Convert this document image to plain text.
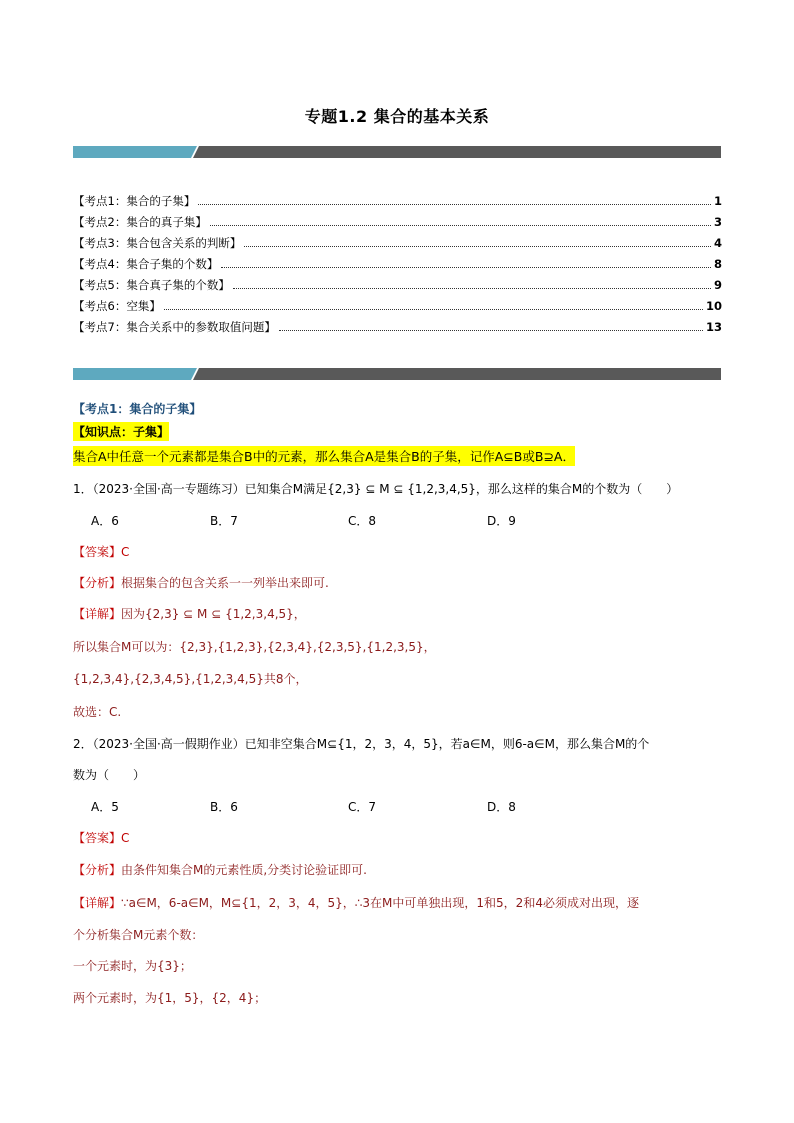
专题1.2 集合的基本关系
【考点1：集合的子集】	1
【考点2：集合的真子集】	3
【考点3：集合包含关系的判断】	4
【考点4：集合子集的个数】	8
【考点5：集合真子集的个数】	9
【考点6：空集】	10
【考点7：集合关系中的参数取值问题】	13
【考点1：集合的子集】
【知识点：子集】
集合A中任意一个元素都是集合B中的元素，那么集合A是集合B的子集，记作A⊆B或B⊇A．
1．（2023·全国·高一专题练习）已知集合M满足{2,3} ⊆ M ⊆ {1,2,3,4,5}，那么这样的集合M的个数为（　　）
A．6	B．7	C．8	D．9
【答案】C
【分析】根据集合的包含关系一一列举出来即可.
【详解】因为{2,3} ⊆ M ⊆ {1,2,3,4,5}，
所以集合M可以为：{2,3},{1,2,3},{2,3,4},{2,3,5},{1,2,3,5}，
{1,2,3,4},{2,3,4,5},{1,2,3,4,5}共8个，
故选：C.
2．（2023·全国·高一假期作业）已知非空集合M⊆{1，2，3，4，5}，若a∈M，则6-a∈M，那么集合M的个
数为（　　）
A．5	B．6	C．7	D．8
【答案】C
【分析】由条件知集合M的元素性质,分类讨论验证即可.
【详解】∵a∈M，6-a∈M，M⊆{1，2，3，4，5}，∴3在M中可单独出现，1和5，2和4必须成对出现，逐
个分析集合M元素个数：
一个元素时，为{3}；
两个元素时，为{1，5}，{2，4}；
